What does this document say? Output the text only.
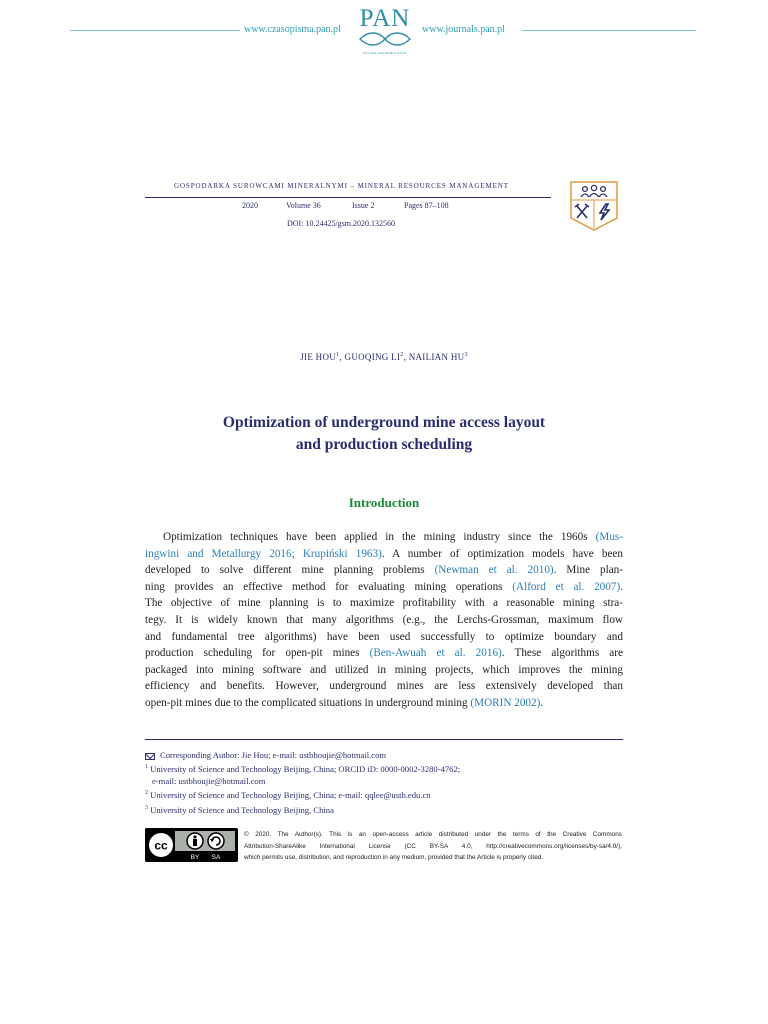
www.czasopisma.pan.pl PAN
POLSKA AKADEMIA NAUK
www.journals.pan.pl
GOSPODARKA SUROWCAMI MINERALNYMI – MINERAL RESOURCES MANAGEMENT
2020	Volume 36	Issue 2	Pages 87–108
DOI: 10.24425/gsm.2020.132560
JIE HOU$^1$, GUOQING $LI^2$, NAILIAN $HU^3$
Optimization of underground mine access layout
and production scheduling
Introduction
Optimization techniques have been applied in the mining industry since the 1960s (Mus-
ingwini and Metallurgy 2016; Krupiński 1963). A number of optimization models have been
developed to solve different mine planning problems (Newman et al. 2010). Mine plan-
ning provides an effective method for evaluating mining operations (Alford et al. 2007).
The objective of mine planning is to maximize profitability with a reasonable mining stra-
tegy. It is widely known that many algorithms (e.g., the Lerchs-Grossman, maximum flow
and fundamental tree algorithms) have been used successfully to optimize boundary and
production scheduling for open-pit mines (Ben-Awuah et al. 2016). These algorithms are
packaged into mining software and utilized in mining projects, which improves the mining
efficiency and benefits. However, underground mines are less extensively developed than
open-pit mines due to the complicated situations in underground mining (MORIN 2002).
Corresponding Author: Jie Hou; e-mail: ustbhoujie@hotmail.com
$^1$ University of Science and Technology Beijing, China; ORCID iD: 0000-0002-3280-4762;
e-mail: ustbhoujie@hotmail.com
$^2$ University of Science and Technology Beijing, China; e-mail: qqlee@ustb.edu.cn
$^3$ University of Science and Technology Beijing, China
cc
BY SA
© 2020. The Author(s). This is an open-access article distributed under the terms of the Creative Commons
Attribution-ShareAlike International License (CC BY-SA 4.0, http://creativecommons.org/licenses/by-sa/4.0/),
which permits use, distribution, and reproduction in any medium, provided that the Article is properly cited.
